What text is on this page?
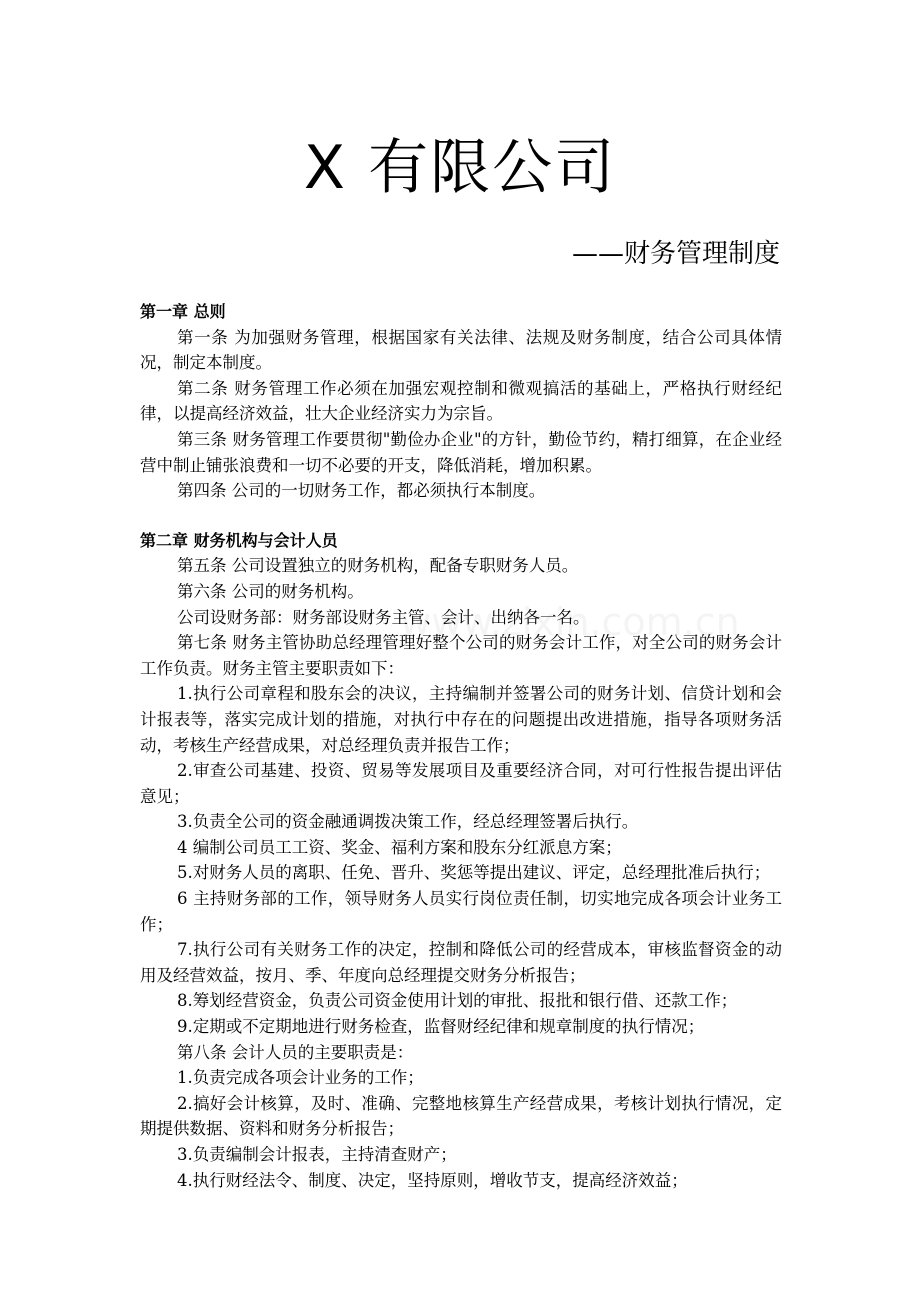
X 有限公司
——财务管理制度
第一章 总则

第一条 为加强财务管理，根据国家有关法律、法规及财务制度，结合公司具体情况，制定本制度。

第二条 财务管理工作必须在加强宏观控制和微观搞活的基础上，严格执行财经纪律，以提高经济效益，壮大企业经济实力为宗旨。

第三条 财务管理工作要贯彻"勤俭办企业"的方针，勤俭节约，精打细算，在企业经营中制止铺张浪费和一切不必要的开支，降低消耗，增加积累。

第四条 公司的一切财务工作，都必须执行本制度。

第二章 财务机构与会计人员

第五条 公司设置独立的财务机构，配备专职财务人员。

第六条 公司的财务机构。

公司设财务部：财务部设财务主管、会计、出纳各一名。

第七条 财务主管协助总经理管理好整个公司的财务会计工作，对全公司的财务会计工作负责。财务主管主要职责如下：

1.执行公司章程和股东会的决议，主持编制并签署公司的财务计划、信贷计划和会计报表等，落实完成计划的措施，对执行中存在的问题提出改进措施，指导各项财务活动，考核生产经营成果，对总经理负责并报告工作；

2.审查公司基建、投资、贸易等发展项目及重要经济合同，对可行性报告提出评估意见；

3.负责全公司的资金融通调拨决策工作，经总经理签署后执行。

4 编制公司员工工资、奖金、福利方案和股东分红派息方案；

5.对财务人员的离职、任免、晋升、奖惩等提出建议、评定，总经理批准后执行；

6 主持财务部的工作，领导财务人员实行岗位责任制，切实地完成各项会计业务工作；

7.执行公司有关财务工作的决定，控制和降低公司的经营成本，审核监督资金的动用及经营效益，按月、季、年度向总经理提交财务分析报告；

8.筹划经营资金，负责公司资金使用计划的审批、报批和银行借、还款工作；

9.定期或不定期地进行财务检查，监督财经纪律和规章制度的执行情况；

第八条 会计人员的主要职责是：

1.负责完成各项会计业务的工作；

2.搞好会计核算，及时、准确、完整地核算生产经营成果，考核计划执行情况，定期提供数据、资料和财务分析报告；

3.负责编制会计报表，主持清查财产；

4.执行财经法令、制度、决定，坚持原则，增收节支，提高经济效益；
